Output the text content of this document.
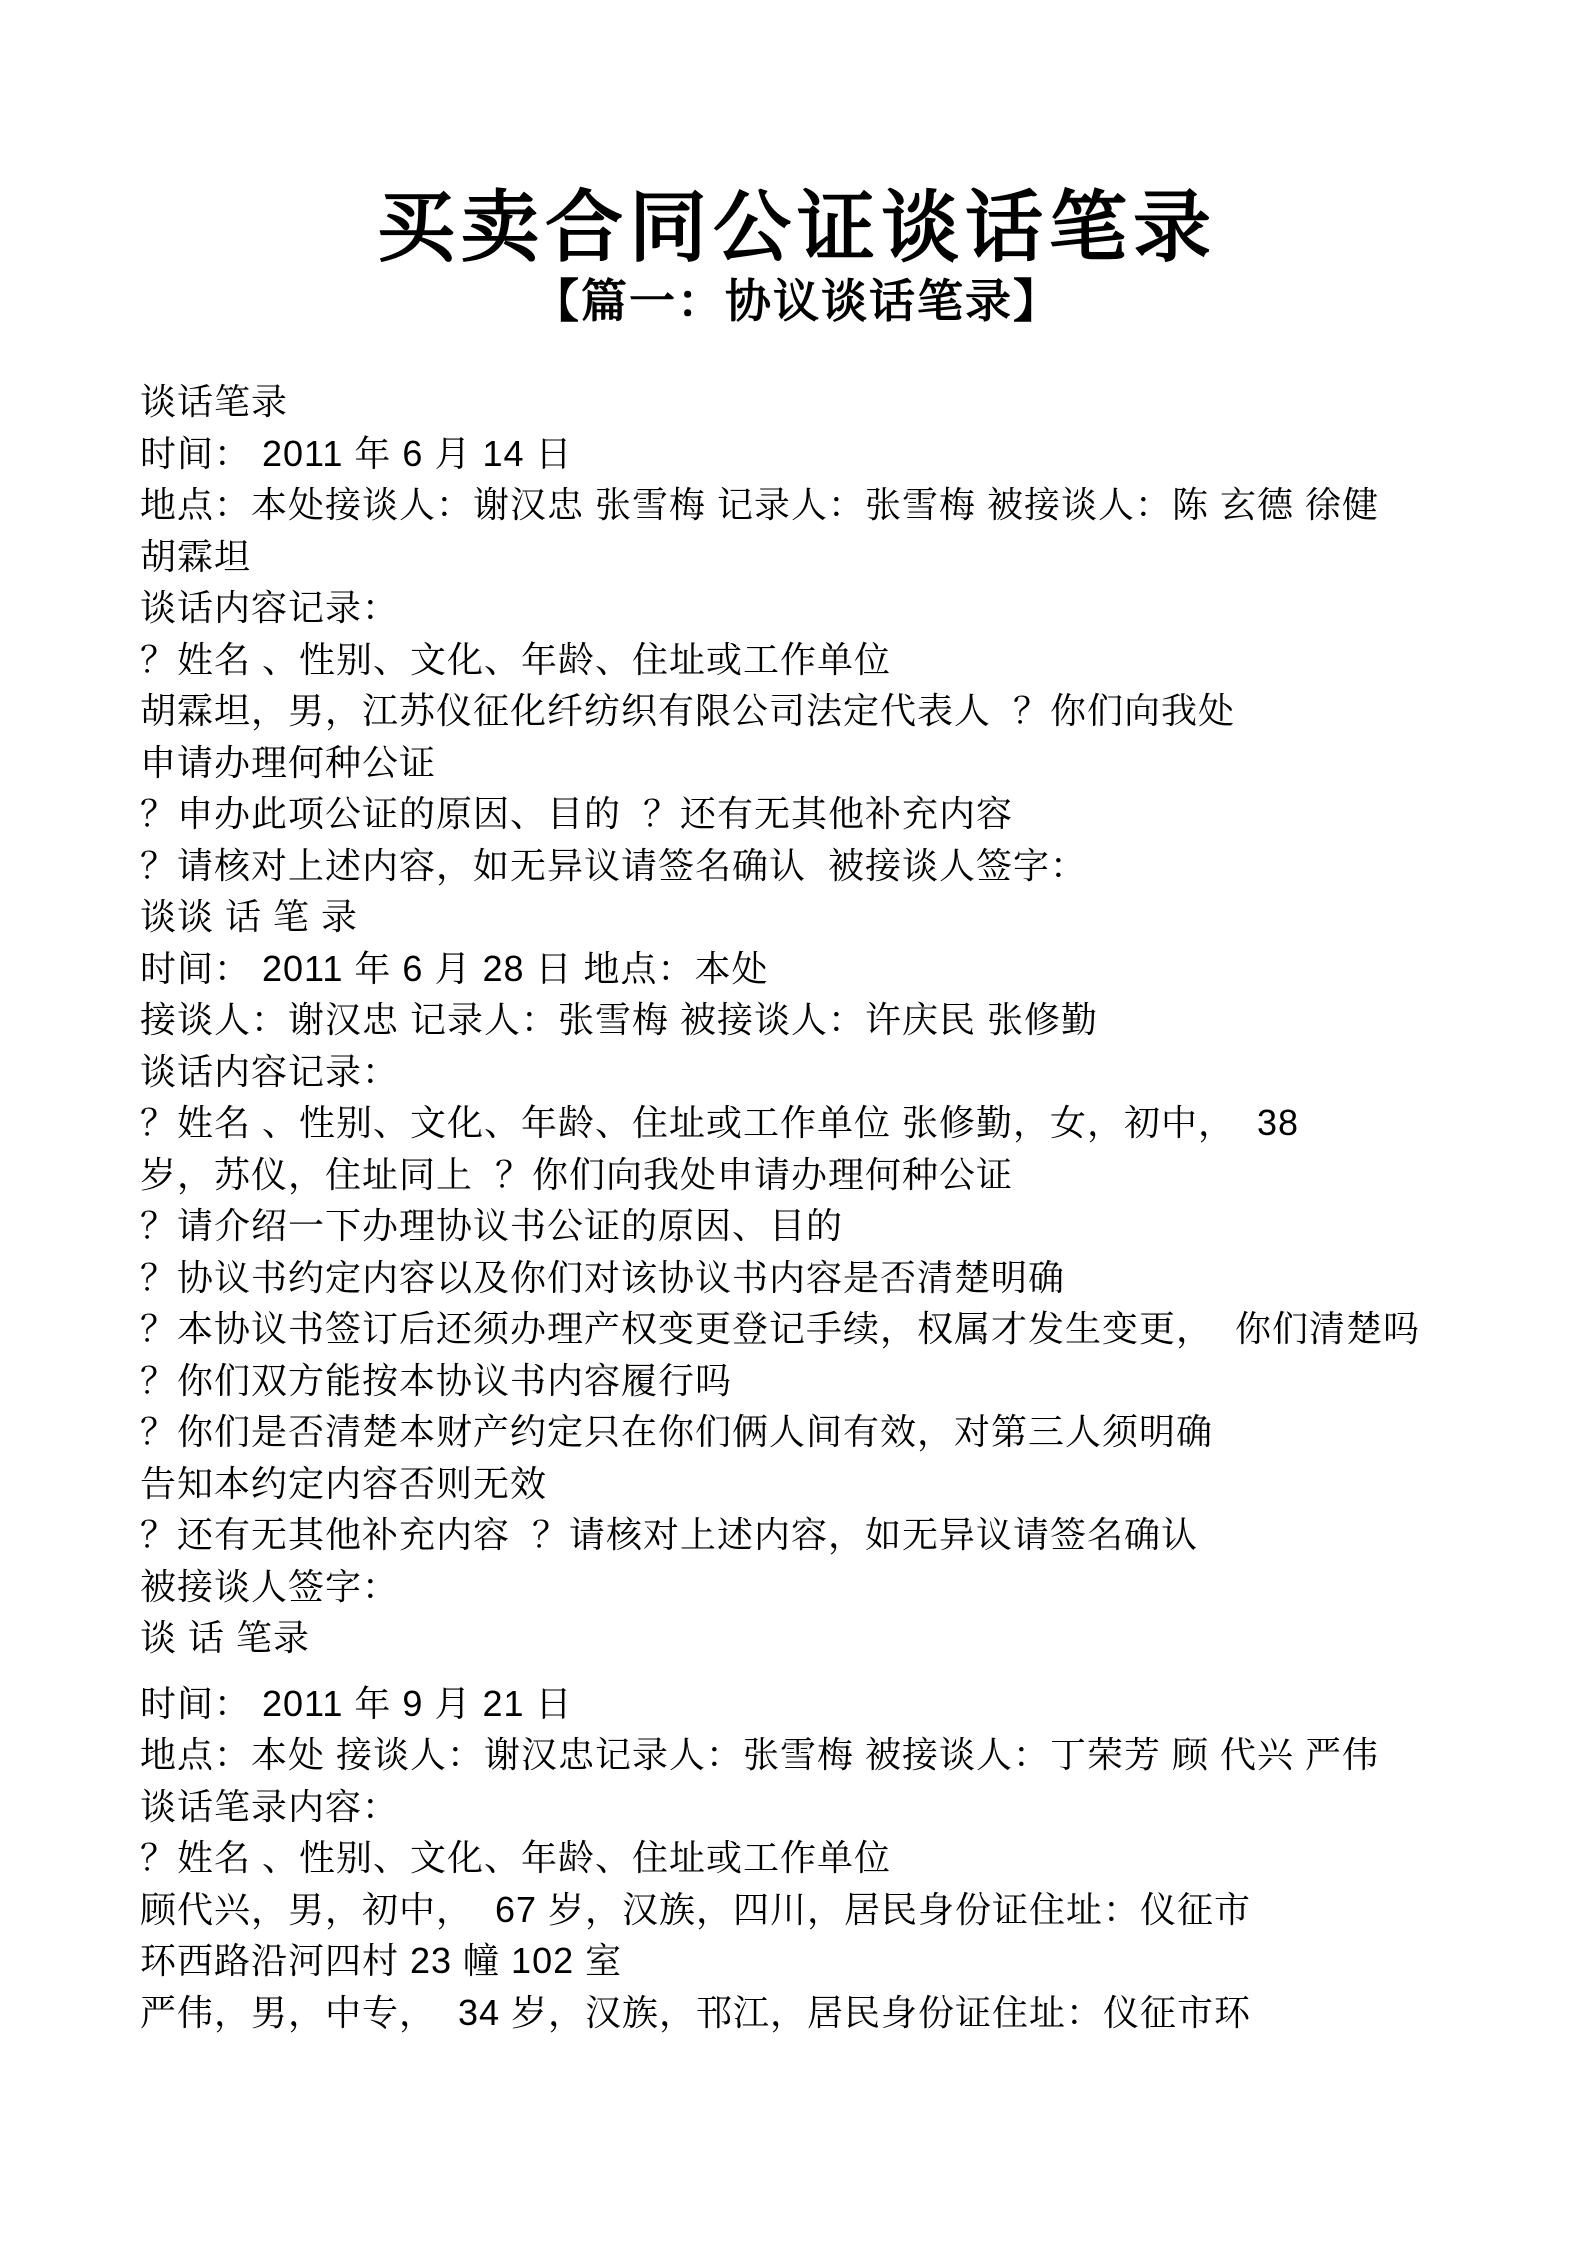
买卖合同公证谈话笔录
【篇一：协议谈话笔录】
谈话笔录
时间： 2011 年 6 月 14 日
地点：本处接谈人：谢汉忠 张雪梅 记录人：张雪梅 被接谈人：陈 玄德 徐健
胡霖坦
谈话内容记录：
？姓名 、性别、文化、年龄、住址或工作单位
胡霖坦，男，江苏仪征化纤纺织有限公司法定代表人  ？你们向我处
申请办理何种公证
？申办此项公证的原因、目的  ？还有无其他补充内容
？请核对上述内容，如无异议请签名确认  被接谈人签字：
谈谈 话 笔 录
时间： 2011 年 6 月 28 日 地点：本处
接谈人：谢汉忠 记录人：张雪梅 被接谈人：许庆民 张修勤
谈话内容记录：
？姓名 、性别、文化、年龄、住址或工作单位 张修勤，女，初中，  38
岁，苏仪，住址同上  ？你们向我处申请办理何种公证
？请介绍一下办理协议书公证的原因、目的
？协议书约定内容以及你们对该协议书内容是否清楚明确
？本协议书签订后还须办理产权变更登记手续，权属才发生变更，  你们清楚吗
？你们双方能按本协议书内容履行吗
？你们是否清楚本财产约定只在你们俩人间有效，对第三人须明确
告知本约定内容否则无效
？还有无其他补充内容  ？请核对上述内容，如无异议请签名确认
被接谈人签字：
谈 话 笔录
时间： 2011 年 9 月 21 日
地点：本处 接谈人：谢汉忠记录人：张雪梅 被接谈人：丁荣芳 顾 代兴 严伟
谈话笔录内容：
？姓名 、性别、文化、年龄、住址或工作单位
顾代兴，男，初中，  67 岁，汉族，四川，居民身份证住址：仪征市
环西路沿河四村 23 幢 102 室
严伟，男，中专，  34 岁，汉族，邗江，居民身份证住址：仪征市环
